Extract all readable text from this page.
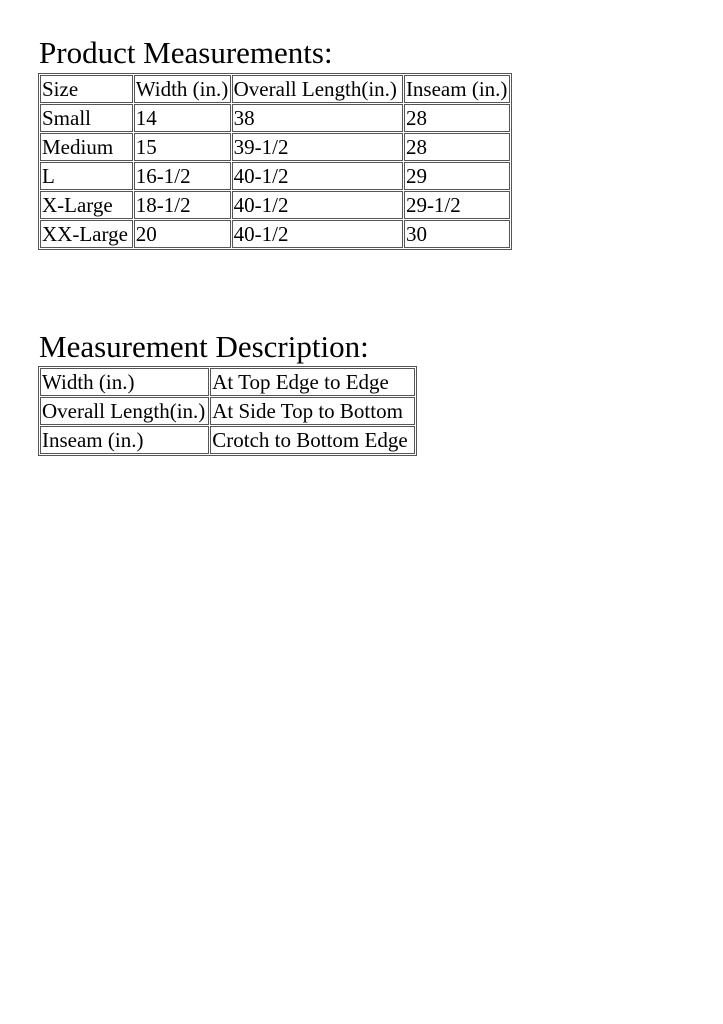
Product Measurements:
Size	Width (in.)	Overall Length(in.)	Inseam (in.)
Small	14	38	28
Medium	15	39-1/2	28
L	16-1/2	40-1/2	29
X-Large	18-1/2	40-1/2	29-1/2
XX-Large	20	40-1/2	30
Measurement Description:
Width (in.)	At Top Edge to Edge
Overall Length(in.)	At Side Top to Bottom
Inseam (in.)	Crotch to Bottom Edge
